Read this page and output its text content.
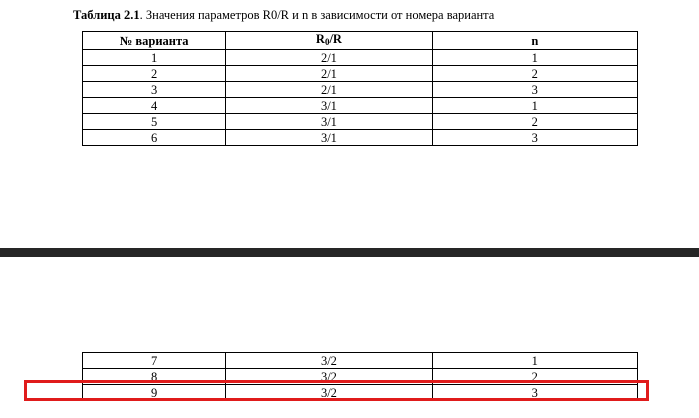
Таблица 2.1. Значения параметров R0/R и n в зависимости от номера варианта
№ варианта	$R_0/R$	n
1	2/1	1
2	2/1	2
3	2/1	3
4	3/1	1
5	3/1	2
6	3/1	3
7	3/2	1
8	3/2	2
9	3/2	3
